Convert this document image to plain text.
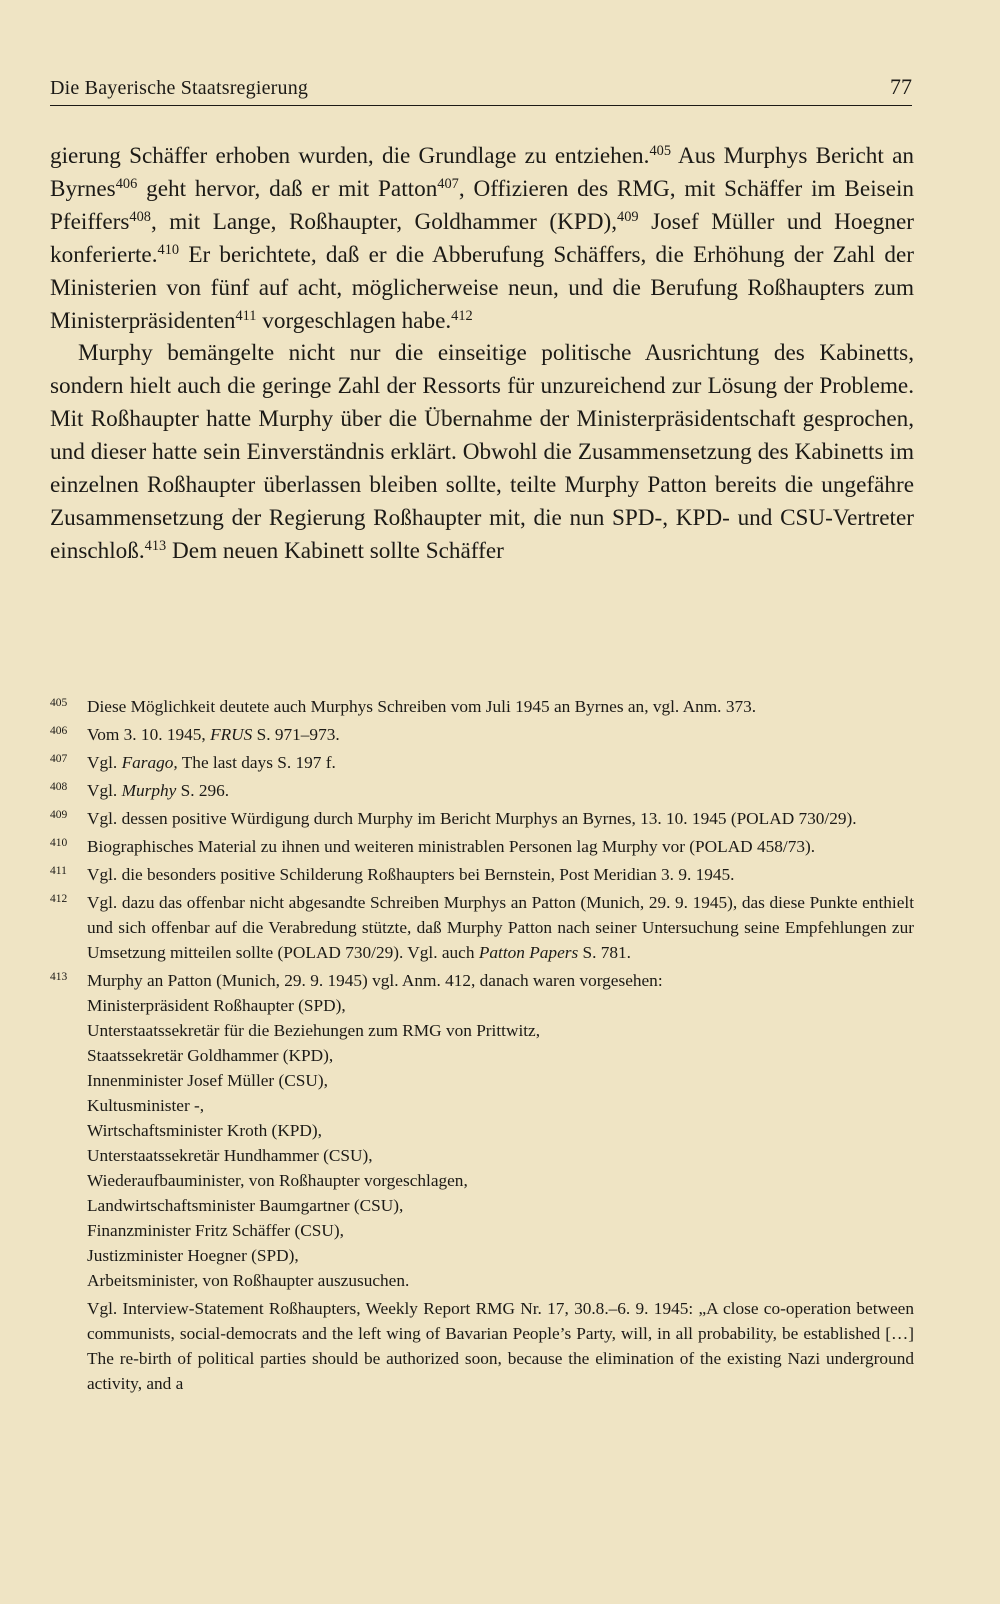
Die Bayerische Staatsregierung	77

gierung Schäffer erhoben wurden, die Grundlage zu entziehen.$^{405}$ Aus Murphys Bericht an Byrnes$^{406}$ geht hervor, daß er mit Patton$^{407}$, Offizieren des RMG, mit Schäffer im Beisein Pfeiffers$^{408}$, mit Lange, Roßhaupter, Goldhammer (KPD),$^{409}$ Josef Müller und Hoegner konferierte.$^{410}$ Er berichtete, daß er die Abberufung Schäffers, die Erhöhung der Zahl der Ministerien von fünf auf acht, möglicherweise neun, und die Berufung Roßhaupters zum Ministerpräsidenten$^{411}$ vorgeschlagen habe.$^{412}$

Murphy bemängelte nicht nur die einseitige politische Ausrichtung des Kabinetts, sondern hielt auch die geringe Zahl der Ressorts für unzureichend zur Lösung der Probleme. Mit Roßhaupter hatte Murphy über die Übernahme der Ministerpräsidentschaft gesprochen, und dieser hatte sein Einverständnis erklärt. Obwohl die Zusammensetzung des Kabinetts im einzelnen Roßhaupter überlassen bleiben sollte, teilte Murphy Patton bereits die ungefähre Zusammensetzung der Regierung Roßhaupter mit, die nun SPD-, KPD- und CSU-Vertreter einschloß.$^{413}$ Dem neuen Kabinett sollte Schäffer

405	Diese Möglichkeit deutete auch Murphys Schreiben vom Juli 1945 an Byrnes an, vgl. Anm. 373.
406	Vom 3. 10. 1945, FRUS S. 971–973.
407	Vgl. Farago, The last days S. 197 f.
408	Vgl. Murphy S. 296.
409	Vgl. dessen positive Würdigung durch Murphy im Bericht Murphys an Byrnes, 13. 10. 1945 (POLAD 730/29).
410	Biographisches Material zu ihnen und weiteren ministrablen Personen lag Murphy vor (POLAD 458/73).
411	Vgl. die besonders positive Schilderung Roßhaupters bei Bernstein, Post Meridian 3. 9. 1945.
412	Vgl. dazu das offenbar nicht abgesandte Schreiben Murphys an Patton (Munich, 29. 9. 1945), das diese Punkte enthielt und sich offenbar auf die Verabredung stützte, daß Murphy Patton nach seiner Untersuchung seine Empfehlungen zur Umsetzung mitteilen sollte (POLAD 730/29). Vgl. auch Patton Papers S. 781.
413	Murphy an Patton (Munich, 29. 9. 1945) vgl. Anm. 412, danach waren vorgesehen:
Ministerpräsident Roßhaupter (SPD),
Unterstaatssekretär für die Beziehungen zum RMG von Prittwitz,
Staatssekretär Goldhammer (KPD),
Innenminister Josef Müller (CSU),
Kultusminister -,
Wirtschaftsminister Kroth (KPD),
Unterstaatssekretär Hundhammer (CSU),
Wiederaufbauminister, von Roßhaupter vorgeschlagen,
Landwirtschaftsminister Baumgartner (CSU),
Finanzminister Fritz Schäffer (CSU),
Justizminister Hoegner (SPD),
Arbeitsminister, von Roßhaupter auszusuchen.
Vgl. Interview-Statement Roßhaupters, Weekly Report RMG Nr. 17, 30.8.–6. 9. 1945: „A close co-operation between communists, social-democrats and the left wing of Bavarian People’s Party, will, in all probability, be established […] The re-birth of political parties should be authorized soon, because the elimination of the existing Nazi underground activity, and a
